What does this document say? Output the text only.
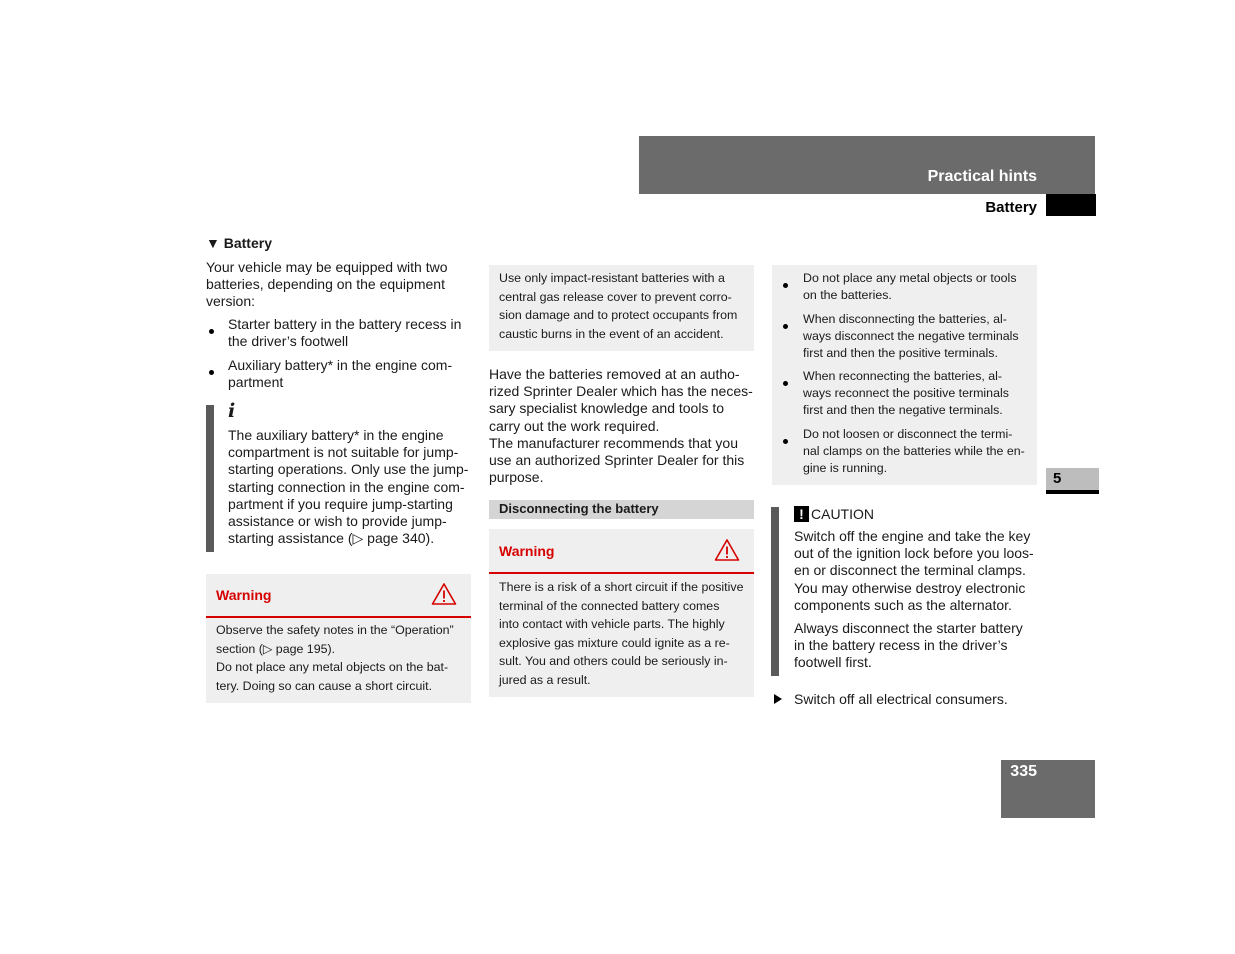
Practical hints
Battery
5
335
▼ Battery
Your vehicle may be equipped with two
batteries, depending on the equipment
version:
Starter battery in the battery recess in
the driver’s footwell
Auxiliary battery* in the engine com-
partment
i
The auxiliary battery* in the engine
compartment is not suitable for jump-
starting operations. Only use the jump-
starting connection in the engine com-
partment if you require jump-starting
assistance or wish to provide jump-
starting assistance (▷ page 340).
Warning
Observe the safety notes in the “Operation”
section (▷ page 195).
Do not place any metal objects on the bat-
tery. Doing so can cause a short circuit.
Use only impact-resistant batteries with a
central gas release cover to prevent corro-
sion damage and to protect occupants from
caustic burns in the event of an accident.
Have the batteries removed at an autho-
rized Sprinter Dealer which has the neces-
sary specialist knowledge and tools to
carry out the work required.
The manufacturer recommends that you
use an authorized Sprinter Dealer for this
purpose.
Disconnecting the battery
Warning
There is a risk of a short circuit if the positive
terminal of the connected battery comes
into contact with vehicle parts. The highly
explosive gas mixture could ignite as a re-
sult. You and others could be seriously in-
jured as a result.
Do not place any metal objects or tools
on the batteries.
When disconnecting the batteries, al-
ways disconnect the negative terminals
first and then the positive terminals.
When reconnecting the batteries, al-
ways reconnect the positive terminals
first and then the negative terminals.
Do not loosen or disconnect the termi-
nal clamps on the batteries while the en-
gine is running.
! CAUTION
Switch off the engine and take the key
out of the ignition lock before you loos-
en or disconnect the terminal clamps.
You may otherwise destroy electronic
components such as the alternator.
Always disconnect the starter battery
in the battery recess in the driver’s
footwell first.
Switch off all electrical consumers.
